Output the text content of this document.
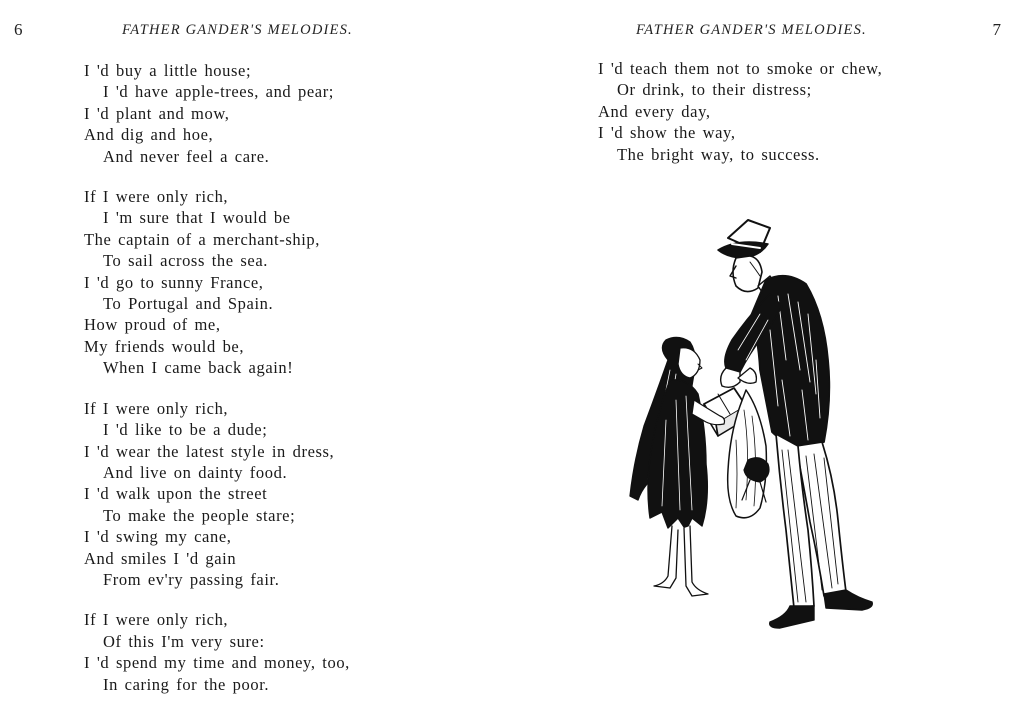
6	FATHER GANDER'S MELODIES.
I 'd buy a little house;
I 'd have apple-trees, and pear;
I 'd plant and mow,
And dig and hoe,
And never feel a care.
If I were only rich,
I 'm sure that I would be
The captain of a merchant-ship,
To sail across the sea.
I 'd go to sunny France,
To Portugal and Spain.
How proud of me,
My friends would be,
When I came back again!
If I were only rich,
I 'd like to be a dude;
I 'd wear the latest style in dress,
And live on dainty food.
I 'd walk upon the street
To make the people stare;
I 'd swing my cane,
And smiles I 'd gain
From ev'ry passing fair.
If I were only rich,
Of this I'm very sure:
I 'd spend my time and money, too,
In caring for the poor.
FATHER GANDER'S MELODIES.	7
I 'd teach them not to smoke or chew,
Or drink, to their distress;
And every day,
I 'd show the way,
The bright way, to success.
